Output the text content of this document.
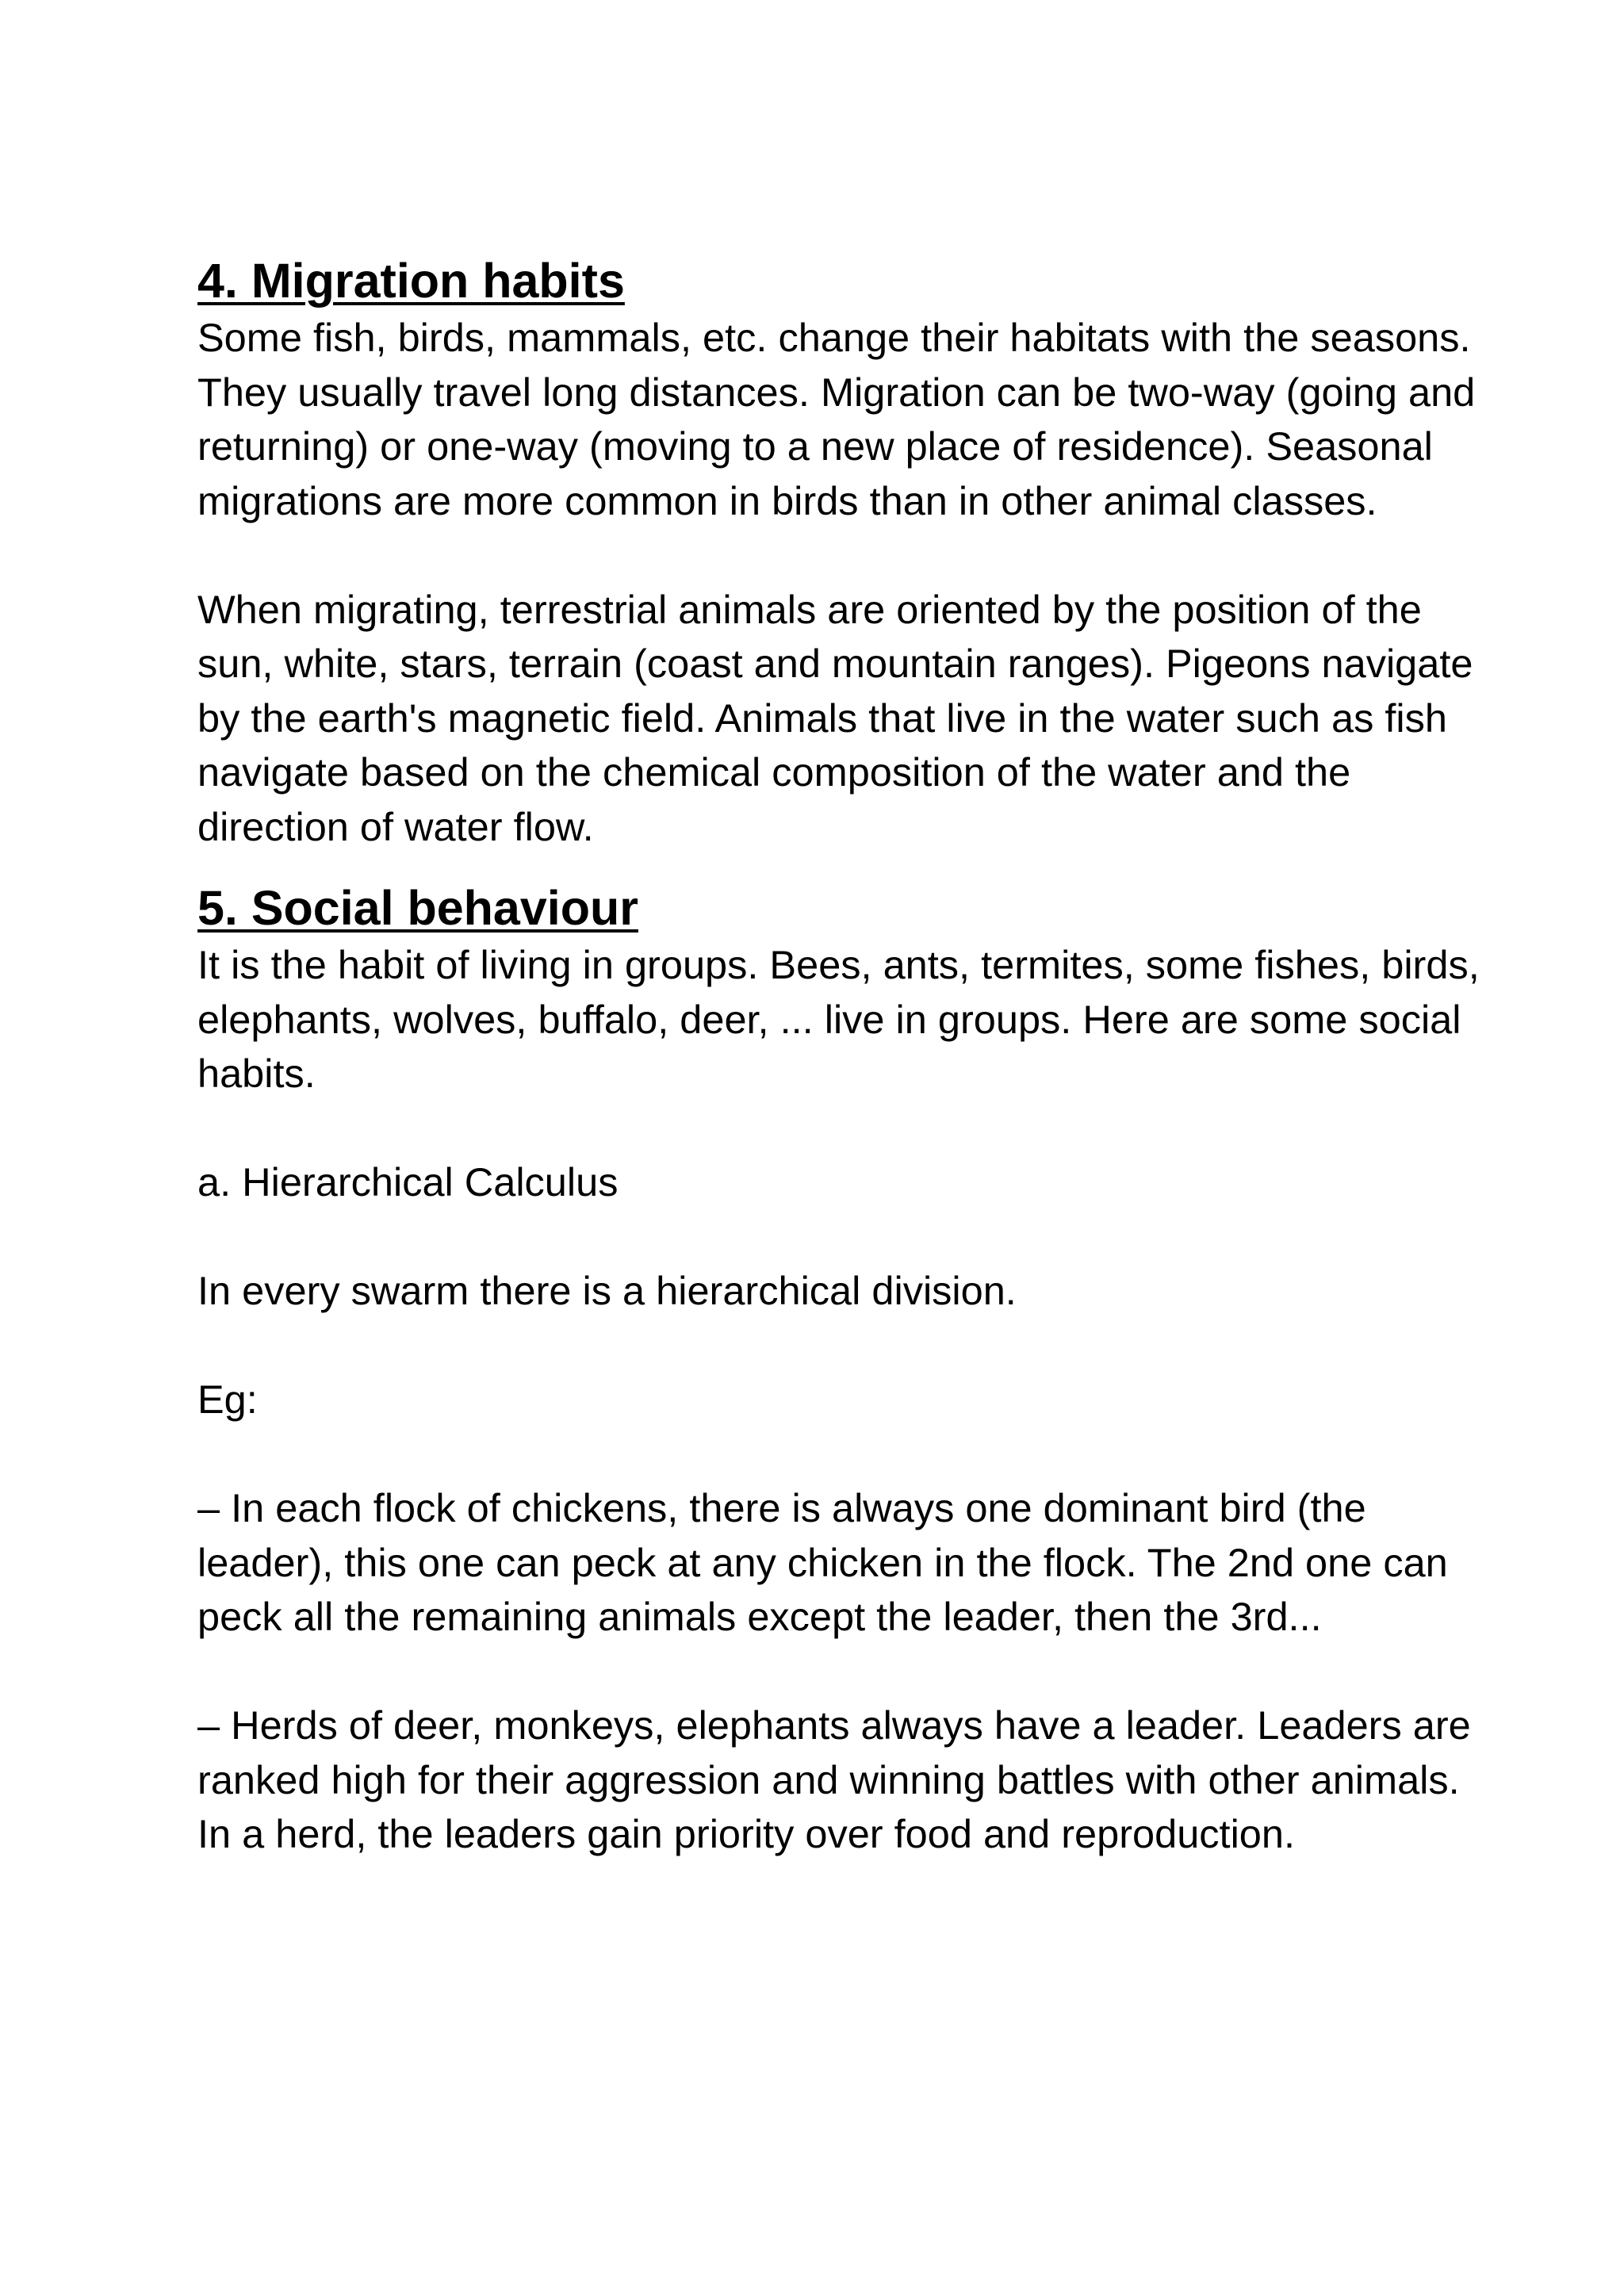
4. Migration habits

Some fish, birds, mammals, etc. change their habitats with the seasons. They usually travel long distances. Migration can be two-way (going and returning) or one-way (moving to a new place of residence). Seasonal migrations are more common in birds than in other animal classes.

When migrating, terrestrial animals are oriented by the position of the sun, white, stars, terrain (coast and mountain ranges). Pigeons navigate by the earth's magnetic field. Animals that live in the water such as fish navigate based on the chemical composition of the water and the direction of water flow.

5. Social behaviour

It is the habit of living in groups. Bees, ants, termites, some fishes, birds, elephants, wolves, buffalo, deer, ... live in groups. Here are some social habits.

a. Hierarchical Calculus

In every swarm there is a hierarchical division.

Eg:

– In each flock of chickens, there is always one dominant bird (the leader), this one can peck at any chicken in the flock. The 2nd one can peck all the remaining animals except the leader, then the 3rd...

– Herds of deer, monkeys, elephants always have a leader. Leaders are ranked high for their aggression and winning battles with other animals. In a herd, the leaders gain priority over food and reproduction.
